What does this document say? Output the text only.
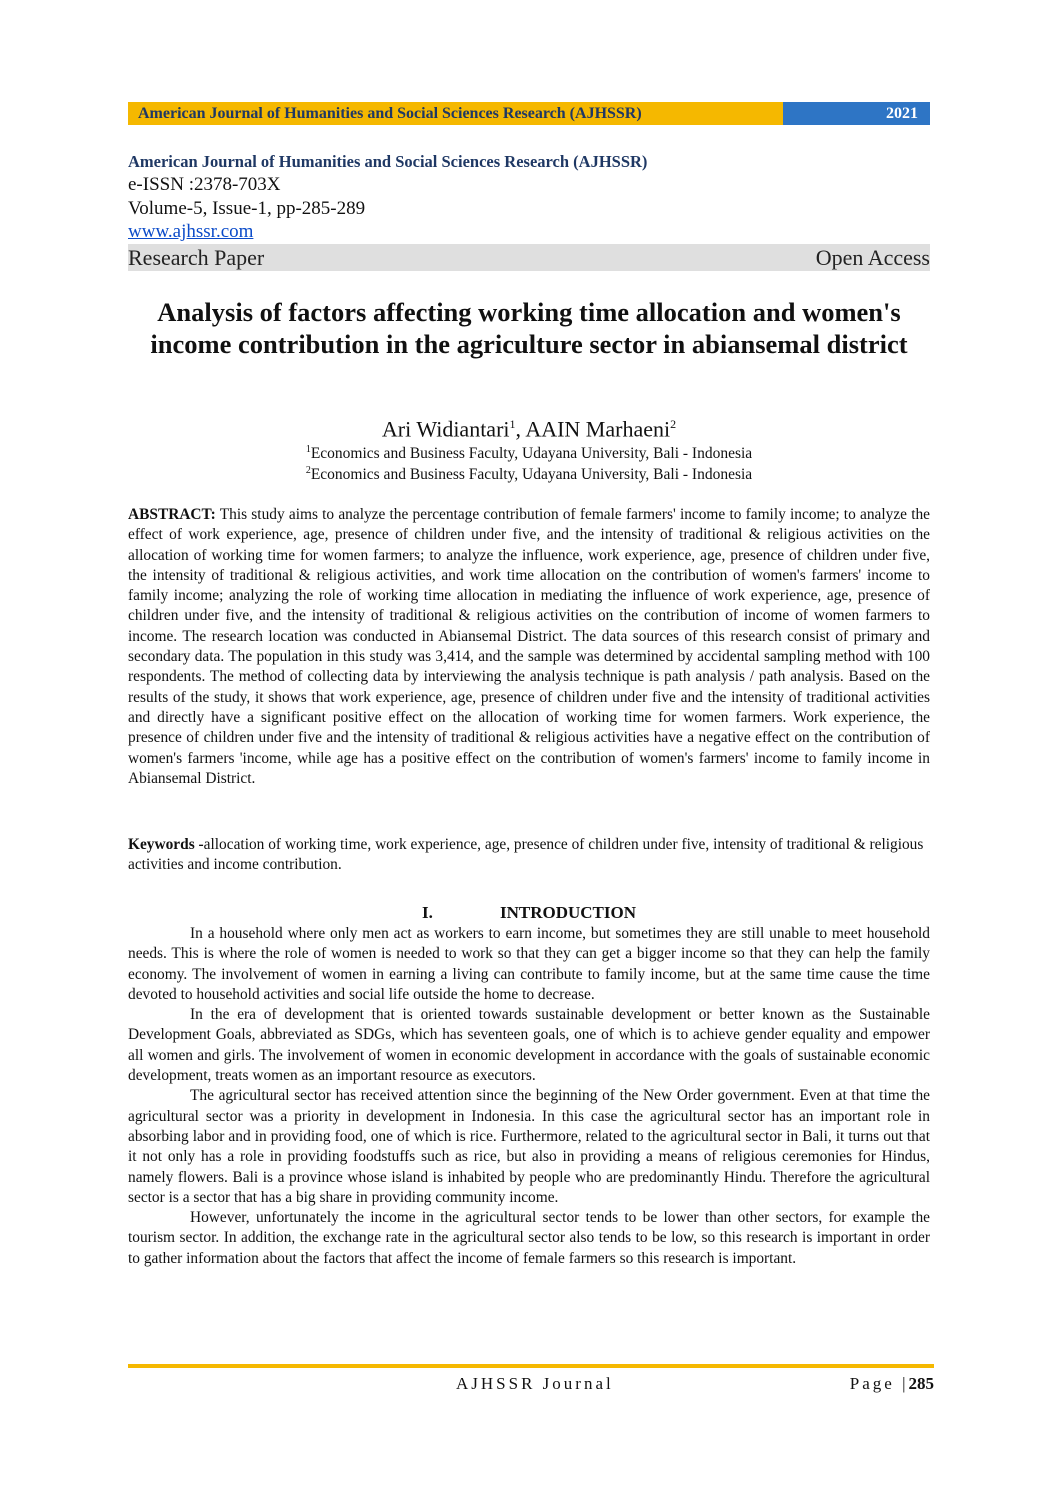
American Journal of Humanities and Social Sciences Research (AJHSSR)	2021
American Journal of Humanities and Social Sciences Research (AJHSSR)
e-ISSN :2378-703X
Volume-5, Issue-1, pp-285-289
www.ajhssr.com
Research Paper	Open Access
Analysis of factors affecting working time allocation and women's income contribution in the agriculture sector in abiansemal district
Ari Widiantari$^1$, AAIN Marhaeni$^2$
$^1$Economics and Business Faculty, Udayana University, Bali - Indonesia
$^2$Economics and Business Faculty, Udayana University, Bali - Indonesia

ABSTRACT: This study aims to analyze the percentage contribution of female farmers' income to family income; to analyze the effect of work experience, age, presence of children under five, and the intensity of traditional & religious activities on the allocation of working time for women farmers; to analyze the influence, work experience, age, presence of children under five, the intensity of traditional & religious activities, and work time allocation on the contribution of women's farmers' income to family income; analyzing the role of working time allocation in mediating the influence of work experience, age, presence of children under five, and the intensity of traditional & religious activities on the contribution of income of women farmers to income. The research location was conducted in Abiansemal District. The data sources of this research consist of primary and secondary data. The population in this study was 3,414, and the sample was determined by accidental sampling method with 100 respondents. The method of collecting data by interviewing the analysis technique is path analysis / path analysis. Based on the results of the study, it shows that work experience, age, presence of children under five and the intensity of traditional activities and directly have a significant positive effect on the allocation of working time for women farmers. Work experience, the presence of children under five and the intensity of traditional & religious activities have a negative effect on the contribution of women's farmers 'income, while age has a positive effect on the contribution of women's farmers' income to family income in Abiansemal District.

Keywords -allocation of working time, work experience, age, presence of children under five, intensity of traditional & religious activities and income contribution.

I.	INTRODUCTION

In a household where only men act as workers to earn income, but sometimes they are still unable to meet household needs. This is where the role of women is needed to work so that they can get a bigger income so that they can help the family economy. The involvement of women in earning a living can contribute to family income, but at the same time cause the time devoted to household activities and social life outside the home to decrease.

In the era of development that is oriented towards sustainable development or better known as the Sustainable Development Goals, abbreviated as SDGs, which has seventeen goals, one of which is to achieve gender equality and empower all women and girls. The involvement of women in economic development in accordance with the goals of sustainable economic development, treats women as an important resource as executors.

The agricultural sector has received attention since the beginning of the New Order government. Even at that time the agricultural sector was a priority in development in Indonesia. In this case the agricultural sector has an important role in absorbing labor and in providing food, one of which is rice. Furthermore, related to the agricultural sector in Bali, it turns out that it not only has a role in providing foodstuffs such as rice, but also in providing a means of religious ceremonies for Hindus, namely flowers. Bali is a province whose island is inhabited by people who are predominantly Hindu. Therefore the agricultural sector is a sector that has a big share in providing community income.

However, unfortunately the income in the agricultural sector tends to be lower than other sectors, for example the tourism sector. In addition, the exchange rate in the agricultural sector also tends to be low, so this research is important in order to gather information about the factors that affect the income of female farmers so this research is important.

AJHSSR Journal	Page |285
